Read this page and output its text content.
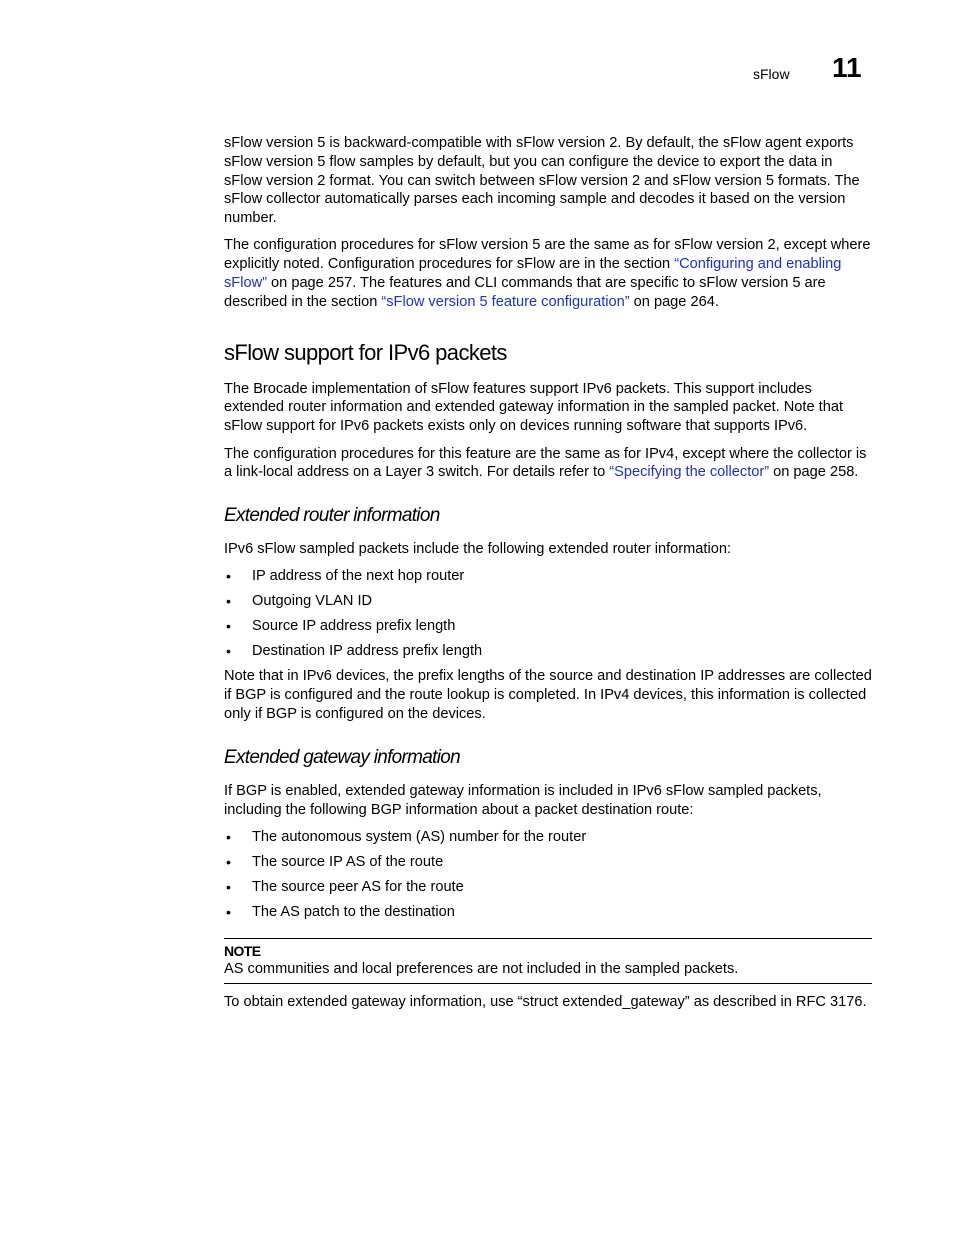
sFlow 11

sFlow version 5 is backward-compatible with sFlow version 2. By default, the sFlow agent exports sFlow version 5 flow samples by default, but you can configure the device to export the data in sFlow version 2 format. You can switch between sFlow version 2 and sFlow version 5 formats. The sFlow collector automatically parses each incoming sample and decodes it based on the version number.

The configuration procedures for sFlow version 5 are the same as for sFlow version 2, except where explicitly noted. Configuration procedures for sFlow are in the section “Configuring and enabling sFlow” on page 257. The features and CLI commands that are specific to sFlow version 5 are described in the section “sFlow version 5 feature configuration” on page 264.

sFlow support for IPv6 packets

The Brocade implementation of sFlow features support IPv6 packets. This support includes extended router information and extended gateway information in the sampled packet. Note that sFlow support for IPv6 packets exists only on devices running software that supports IPv6.

The configuration procedures for this feature are the same as for IPv4, except where the collector is a link-local address on a Layer 3 switch. For details refer to “Specifying the collector” on page 258.

Extended router information

IPv6 sFlow sampled packets include the following extended router information:

• IP address of the next hop router
• Outgoing VLAN ID
• Source IP address prefix length
• Destination IP address prefix length

Note that in IPv6 devices, the prefix lengths of the source and destination IP addresses are collected if BGP is configured and the route lookup is completed. In IPv4 devices, this information is collected only if BGP is configured on the devices.

Extended gateway information

If BGP is enabled, extended gateway information is included in IPv6 sFlow sampled packets, including the following BGP information about a packet destination route:

• The autonomous system (AS) number for the router
• The source IP AS of the route
• The source peer AS for the route
• The AS patch to the destination
NOTE
AS communities and local preferences are not included in the sampled packets.

To obtain extended gateway information, use “struct extended_gateway” as described in RFC 3176.
